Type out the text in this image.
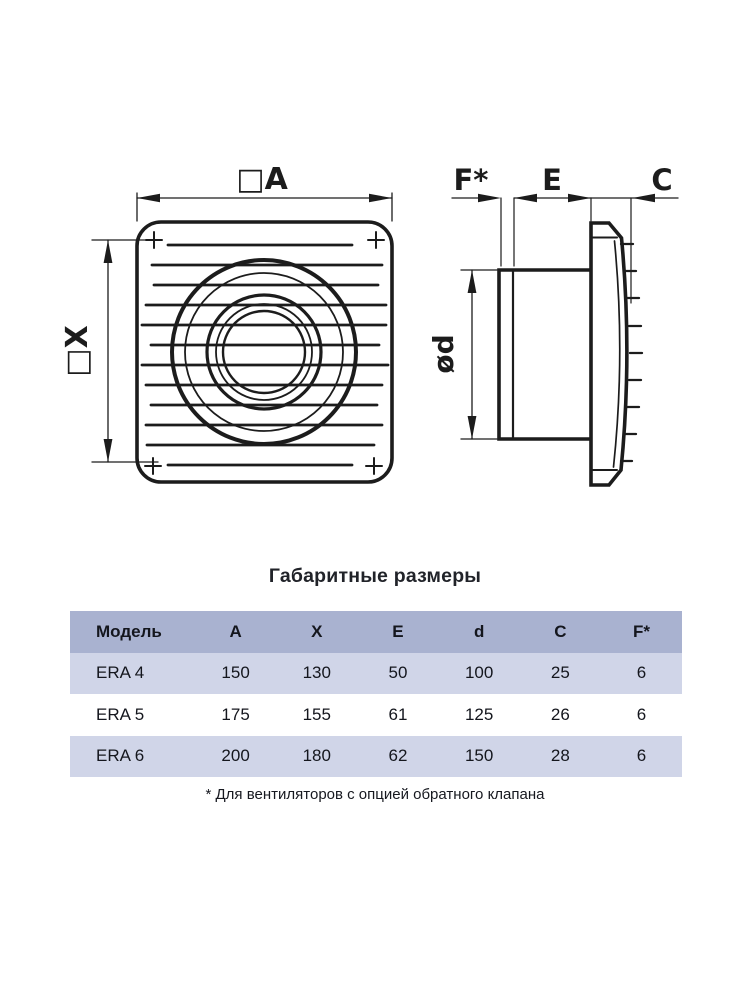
□A
□X
F* E	C
ød
Габаритные размеры
Модель	A	X	E	d	C	F*
ERA 4	150	130	50	100	25	6
ERA 5	175	155	61	125	26	6
ERA 6	200	180	62	150	28	6
* Для вентиляторов с опцией обратного клапана
